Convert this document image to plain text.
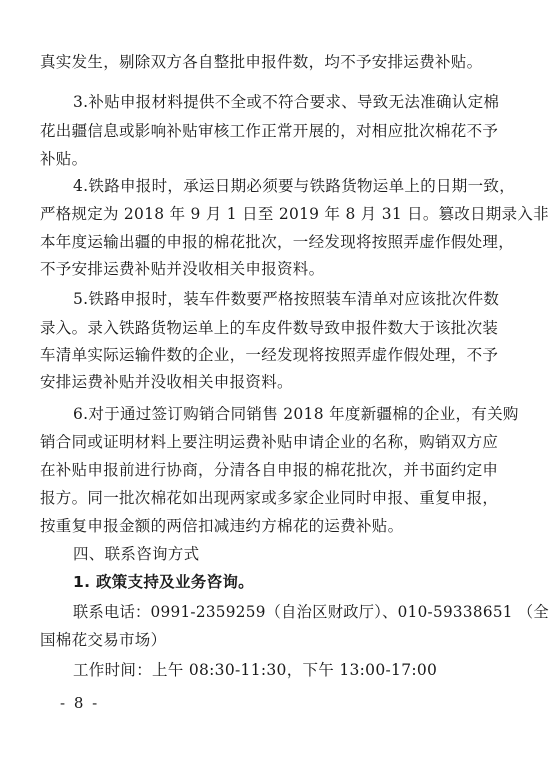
真实发生，剔除双方各自整批申报件数，均不予安排运费补贴。
3.补贴申报材料提供不全或不符合要求、导致无法准确认定棉
花出疆信息或影响补贴审核工作正常开展的，对相应批次棉花不予
补贴。
4.铁路申报时，承运日期必须要与铁路货物运单上的日期一致，
严格规定为 2018 年 9 月 1 日至 2019 年 8 月 31 日。篡改日期录入非
本年度运输出疆的申报的棉花批次，一经发现将按照弄虚作假处理，
不予安排运费补贴并没收相关申报资料。
5.铁路申报时，装车件数要严格按照装车清单对应该批次件数
录入。录入铁路货物运单上的车皮件数导致申报件数大于该批次装
车清单实际运输件数的企业，一经发现将按照弄虚作假处理，不予
安排运费补贴并没收相关申报资料。
6.对于通过签订购销合同销售 2018 年度新疆棉的企业，有关购
销合同或证明材料上要注明运费补贴申请企业的名称，购销双方应
在补贴申报前进行协商，分清各自申报的棉花批次，并书面约定申
报方。同一批次棉花如出现两家或多家企业同时申报、重复申报，
按重复申报金额的两倍扣减违约方棉花的运费补贴。
四、联系咨询方式
1. 政策支持及业务咨询。
联系电话：0991-2359259（自治区财政厅）、010-59338651 （全
国棉花交易市场）
工作时间：上午 08:30-11:30，下午 13:00-17:00
- 8 -
